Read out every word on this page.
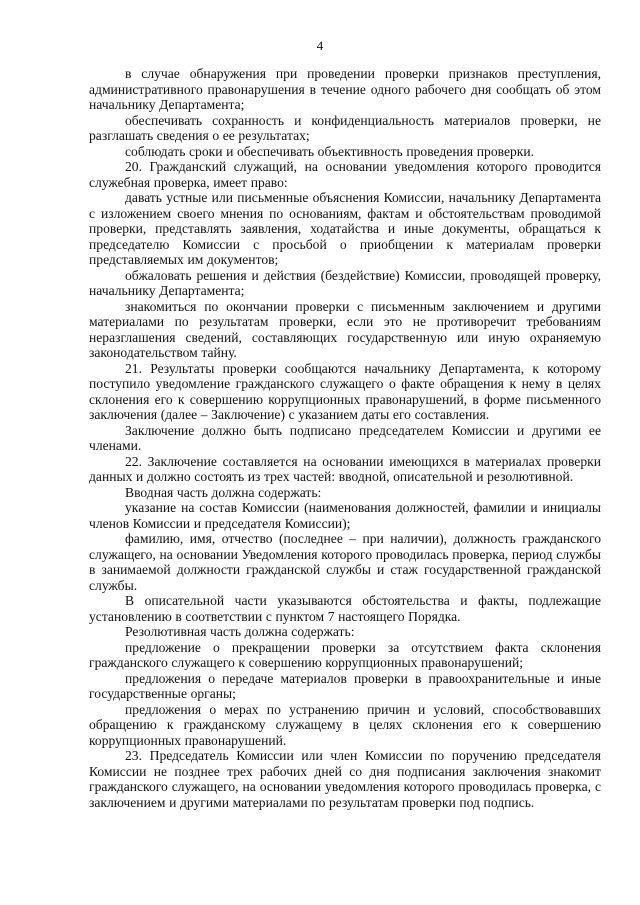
4

в случае обнаружения при проведении проверки признаков преступления, административного правонарушения в течение одного рабочего дня сообщать об этом начальнику Департамента;

обеспечивать сохранность и конфиденциальность материалов проверки, не разглашать сведения о ее результатах;

соблюдать сроки и обеспечивать объективность проведения проверки.

20. Гражданский служащий, на основании уведомления которого проводится служебная проверка, имеет право:

давать устные или письменные объяснения Комиссии, начальнику Департамента с изложением своего мнения по основаниям, фактам и обстоятельствам проводимой проверки, представлять заявления, ходатайства и иные документы, обращаться к председателю Комиссии с просьбой о приобщении к материалам проверки представляемых им документов;

обжаловать решения и действия (бездействие) Комиссии, проводящей проверку, начальнику Департамента;

знакомиться по окончании проверки с письменным заключением и другими материалами по результатам проверки, если это не противоречит требованиям неразглашения сведений, составляющих государственную или иную охраняемую законодательством тайну.

21. Результаты проверки сообщаются начальнику Департамента, к которому поступило уведомление гражданского служащего о факте обращения к нему в целях склонения его к совершению коррупционных правонарушений, в форме письменного заключения (далее – Заключение) с указанием даты его составления.

Заключение должно быть подписано председателем Комиссии и другими ее членами.

22. Заключение составляется на основании имеющихся в материалах проверки данных и должно состоять из трех частей: вводной, описательной и резолютивной.

Вводная часть должна содержать:

указание на состав Комиссии (наименования должностей, фамилии и инициалы членов Комиссии и председателя Комиссии);

фамилию, имя, отчество (последнее – при наличии), должность гражданского служащего, на основании Уведомления которого проводилась проверка, период службы в занимаемой должности гражданской службы и стаж государственной гражданской службы.

В описательной части указываются обстоятельства и факты, подлежащие установлению в соответствии с пунктом 7 настоящего Порядка.

Резолютивная часть должна содержать:

предложение о прекращении проверки за отсутствием факта склонения гражданского служащего к совершению коррупционных правонарушений;

предложения о передаче материалов проверки в правоохранительные и иные государственные органы;

предложения о мерах по устранению причин и условий, способствовавших обращению к гражданскому служащему в целях склонения его к совершению коррупционных правонарушений.

23. Председатель Комиссии или член Комиссии по поручению председателя Комиссии не позднее трех рабочих дней со дня подписания заключения знакомит гражданского служащего, на основании уведомления которого проводилась проверка, с заключением и другими материалами по результатам проверки под подпись.
